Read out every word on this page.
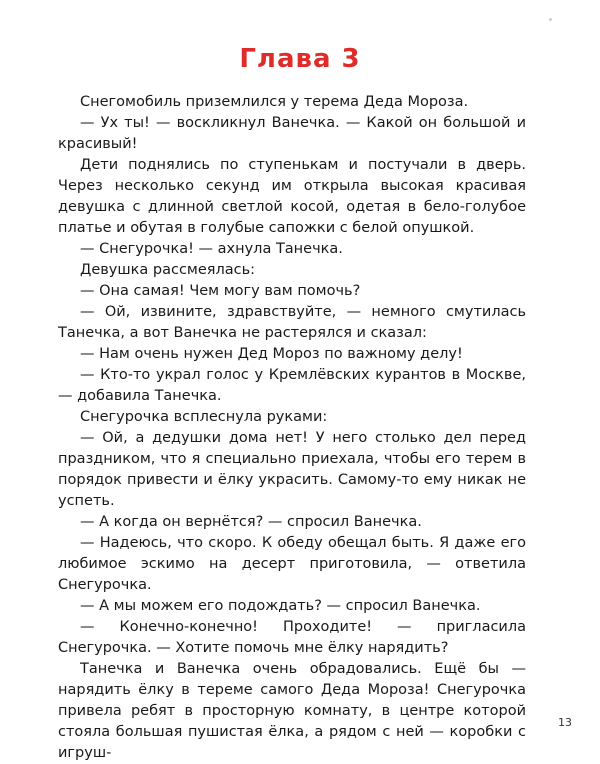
Глава 3

Снегомобиль приземлился у терема Деда Мороза.

— Ух ты! — воскликнул Ванечка. — Какой он большой и красивый!

Дети поднялись по ступенькам и постучали в дверь. Через несколько секунд им открыла высокая красивая девушка с длинной светлой косой, одетая в бело-голубое платье и обутая в голубые сапожки с белой опушкой.

— Снегурочка! — ахнула Танечка.

Девушка рассмеялась:

— Она самая! Чем могу вам помочь?

— Ой, извините, здравствуйте, — немного смутилась Танечка, а вот Ванечка не растерялся и сказал:

— Нам очень нужен Дед Мороз по важному делу!

— Кто-то украл голос у Кремлёвских курантов в Москве, — добавила Танечка.

Снегурочка всплеснула руками:

— Ой, а дедушки дома нет! У него столько дел перед праздником, что я специально приехала, чтобы его терем в порядок привести и ёлку украсить. Самому-то ему никак не успеть.

— А когда он вернётся? — спросил Ванечка.

— Надеюсь, что скоро. К обеду обещал быть. Я даже его любимое эскимо на десерт приготовила, — ответила Снегурочка.

— А мы можем его подождать? — спросил Ванечка.

— Конечно-конечно! Проходите! — пригласила Снегурочка. — Хотите помочь мне ёлку нарядить?

Танечка и Ванечка очень обрадовались. Ещё бы — нарядить ёлку в тереме самого Деда Мороза! Снегурочка привела ребят в просторную комнату, в центре которой стояла большая пушистая ёлка, а рядом с ней — коробки с игруш-

13
